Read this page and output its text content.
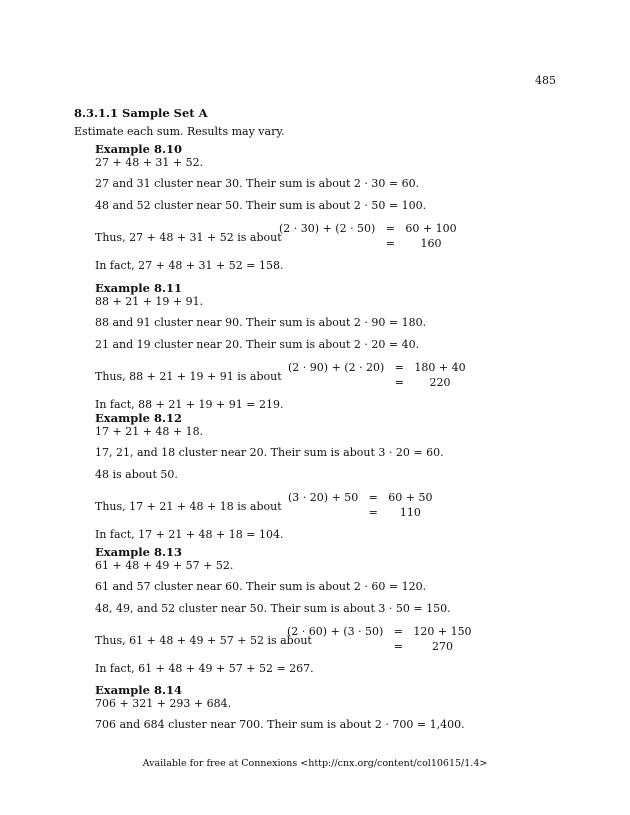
485
8.3.1.1 Sample Set A
Estimate each sum. Results may vary.
Example 8.10
27 + 48 + 31 + 52.
27 and 31 cluster near 30. Their sum is about 2 · 30 = 60.
48 and 52 cluster near 50. Their sum is about 2 · 50 = 100.
Thus, 27 + 48 + 31 + 52 is about
(2 · 30) + (2 · 50) = 60 + 100
=	160
In fact, 27 + 48 + 31 + 52 = 158.
Example 8.11
88 + 21 + 19 + 91.
88 and 91 cluster near 90. Their sum is about 2 · 90 = 180.
21 and 19 cluster near 20. Their sum is about 2 · 20 = 40.
Thus, 88 + 21 + 19 + 91 is about
(2 · 90) + (2 · 20) = 180 + 40
=	220
In fact, 88 + 21 + 19 + 91 = 219.
Example 8.12
17 + 21 + 48 + 18.
17, 21, and 18 cluster near 20. Their sum is about 3 · 20 = 60.
48 is about 50.
Thus, 17 + 21 + 48 + 18 is about
(3 · 20) + 50 = 60 + 50
=	110
In fact, 17 + 21 + 48 + 18 = 104.
Example 8.13
61 + 48 + 49 + 57 + 52.
61 and 57 cluster near 60. Their sum is about 2 · 60 = 120.
48, 49, and 52 cluster near 50. Their sum is about 3 · 50 = 150.
Thus, 61 + 48 + 49 + 57 + 52 is about
(2 · 60) + (3 · 50) = 120 + 150
=	270
In fact, 61 + 48 + 49 + 57 + 52 = 267.
Example 8.14
706 + 321 + 293 + 684.
706 and 684 cluster near 700. Their sum is about 2 · 700 = 1,400.
Available for free at Connexions <http://cnx.org/content/col10615/1.4>
